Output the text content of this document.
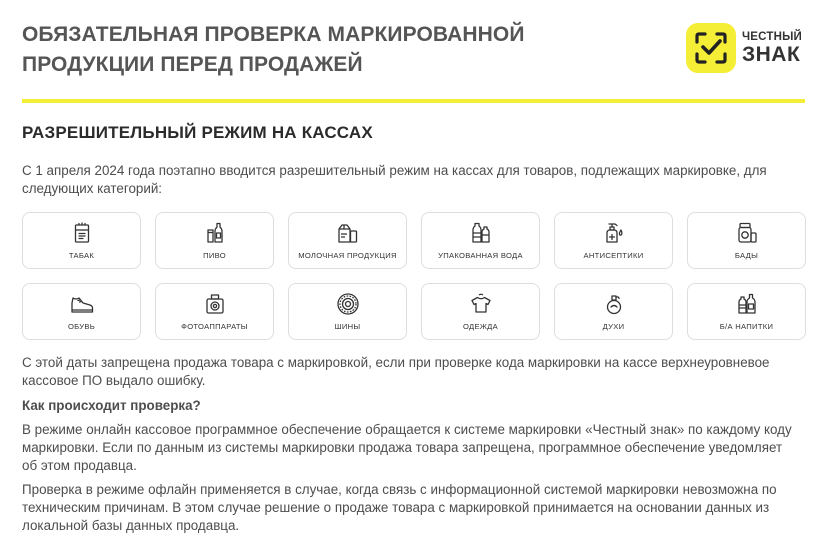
ОБЯЗАТЕЛЬНАЯ ПРОВЕРКА МАРКИРОВАННОЙ
ПРОДУКЦИИ ПЕРЕД ПРОДАЖЕЙ
ЧЕСТНЫЙ
ЗНАК
РАЗРЕШИТЕЛЬНЫЙ РЕЖИМ НА КАССАХ

С 1 апреля 2024 года поэтапно вводится разрешительный режим на кассах для товаров, подлежащих маркировке, для следующих категорий:

ТАБАК	ПИВО	МОЛОЧНАЯ ПРОДУКЦИЯ	УПАКОВАННАЯ ВОДА	АНТИСЕПТИКИ	БАДЫ
ОБУВЬ	ФОТОАППАРАТЫ	ШИНЫ	ОДЕЖДА	ДУХИ	Б/А НАПИТКИ

С этой даты запрещена продажа товара с маркировкой, если при проверке кода маркировки на кассе верхнеуровневое кассовое ПО выдало ошибку.

Как происходит проверка?

В режиме онлайн кассовое программное обеспечение обращается к системе маркировки «Честный знак» по каждому коду маркировки. Если по данным из системы маркировки продажа товара запрещена, программное обеспечение уведомляет об этом продавца.

Проверка в режиме офлайн применяется в случае, когда связь с информационной системой маркировки невозможна по техническим причинам. В этом случае решение о продаже товара с маркировкой принимается на основании данных из локальной базы данных продавца.
